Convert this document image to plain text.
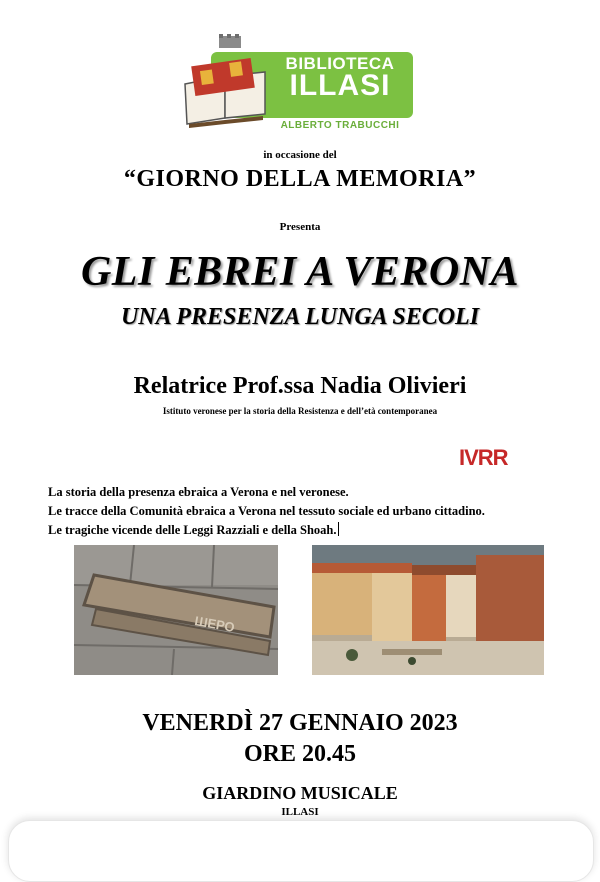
BIBLIOTECA
ILLASI
ALBERTO TRABUCCHI
in occasione del
“GIORNO DELLA MEMORIA”
Presenta
GLI EBREI A VERONA
UNA PRESENZA LUNGA SECOLI
Relatrice Prof.ssa Nadia Olivieri
Istituto veronese per la storia della Resistenza e dell’età contemporanea
IVRR
La storia della presenza ebraica a Verona e nel veronese.
Le tracce della Comunità ebraica a Verona nel tessuto sociale ed urbano cittadino.
Le tragiche vicende delle Leggi Razziali e della Shoah.
ШЕРО
VENERDÌ 27 GENNAIO 2023
ORE 20.45
GIARDINO MUSICALE
ILLASI
